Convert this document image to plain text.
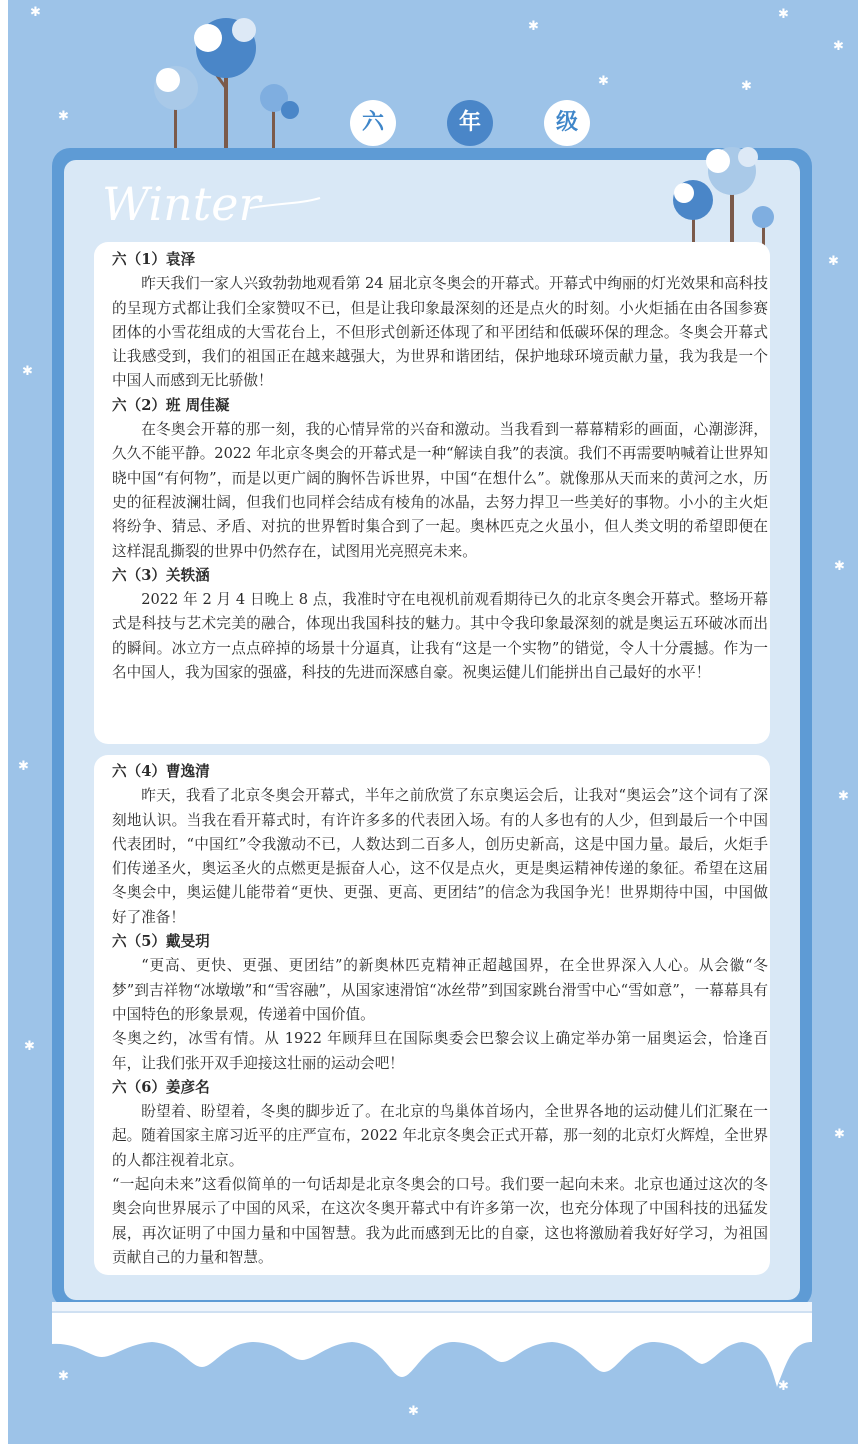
✱
✱
✱	✱
✱
✱
✱
✱
✱
✱
✱
✱
✱
✱
✱
✱
✱
六	年	级
Winter
六（1）袁泽

昨天我们一家人兴致勃勃地观看第 24 届北京冬奥会的开幕式。开幕式中绚丽的灯光效果和高科技的呈现方式都让我们全家赞叹不已，但是让我印象最深刻的还是点火的时刻。小火炬插在由各国参赛团体的小雪花组成的大雪花台上，不但形式创新还体现了和平团结和低碳环保的理念。冬奥会开幕式让我感受到，我们的祖国正在越来越强大，为世界和谐团结，保护地球环境贡献力量，我为我是一个中国人而感到无比骄傲！

六（2）班 周佳凝

在冬奥会开幕的那一刻，我的心情异常的兴奋和激动。当我看到一幕幕精彩的画面，心潮澎湃，久久不能平静。2022 年北京冬奥会的开幕式是一种“解读自我”的表演。我们不再需要呐喊着让世界知晓中国“有何物”，而是以更广阔的胸怀告诉世界，中国“在想什么”。就像那从天而来的黄河之水，历史的征程波澜壮阔，但我们也同样会结成有棱角的冰晶，去努力捍卫一些美好的事物。小小的主火炬将纷争、猜忌、矛盾、对抗的世界暂时集合到了一起。奥林匹克之火虽小，但人类文明的希望即便在这样混乱撕裂的世界中仍然存在，试图用光亮照亮未来。

六（3）关轶涵

2022 年 2 月 4 日晚上 8 点，我准时守在电视机前观看期待已久的北京冬奥会开幕式。整场开幕式是科技与艺术完美的融合，体现出我国科技的魅力。其中令我印象最深刻的就是奥运五环破冰而出的瞬间。冰立方一点点碎掉的场景十分逼真，让我有“这是一个实物”的错觉，令人十分震撼。作为一名中国人，我为国家的强盛，科技的先进而深感自豪。祝奥运健儿们能拼出自己最好的水平！

六（4）曹逸清

昨天，我看了北京冬奥会开幕式，半年之前欣赏了东京奥运会后，让我对“奥运会”这个词有了深刻地认识。当我在看开幕式时，有许许多多的代表团入场。有的人多也有的人少，但到最后一个中国代表团时，“中国红”令我激动不已，人数达到二百多人，创历史新高，这是中国力量。最后，火炬手们传递圣火，奥运圣火的点燃更是振奋人心，这不仅是点火，更是奥运精神传递的象征。希望在这届冬奥会中，奥运健儿能带着“更快、更强、更高、更团结”的信念为我国争光！世界期待中国，中国做好了准备！

六（5）戴旻玥

“更高、更快、更强、更团结”的新奥林匹克精神正超越国界，在全世界深入人心。从会徽“冬梦”到吉祥物“冰墩墩”和“雪容融”，从国家速滑馆“冰丝带”到国家跳台滑雪中心“雪如意”，一幕幕具有中国特色的形象景观，传递着中国价值。

冬奥之约，冰雪有情。从 1922 年顾拜旦在国际奥委会巴黎会议上确定举办第一届奥运会，恰逢百年，让我们张开双手迎接这壮丽的运动会吧！

六（6）姜彦名

盼望着、盼望着，冬奥的脚步近了。在北京的鸟巢体首场内，全世界各地的运动健儿们汇聚在一起。随着国家主席习近平的庄严宣布，2022 年北京冬奥会正式开幕，那一刻的北京灯火辉煌，全世界的人都注视着北京。

“一起向未来”这看似简单的一句话却是北京冬奥会的口号。我们要一起向未来。北京也通过这次的冬奥会向世界展示了中国的风采，在这次冬奥开幕式中有许多第一次，也充分体现了中国科技的迅猛发展，再次证明了中国力量和中国智慧。我为此而感到无比的自豪，这也将激励着我好好学习，为祖国贡献自己的力量和智慧。
